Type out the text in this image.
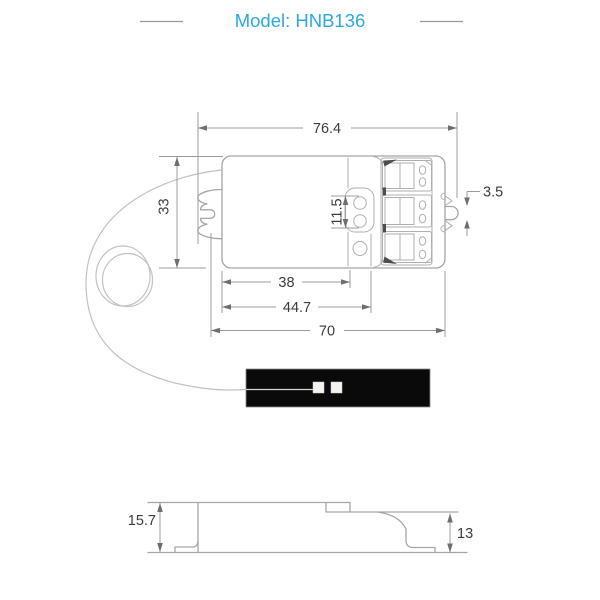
Model: HNB136
76.4
33	11.5
3.5
38
44.7
70
15.7
13
